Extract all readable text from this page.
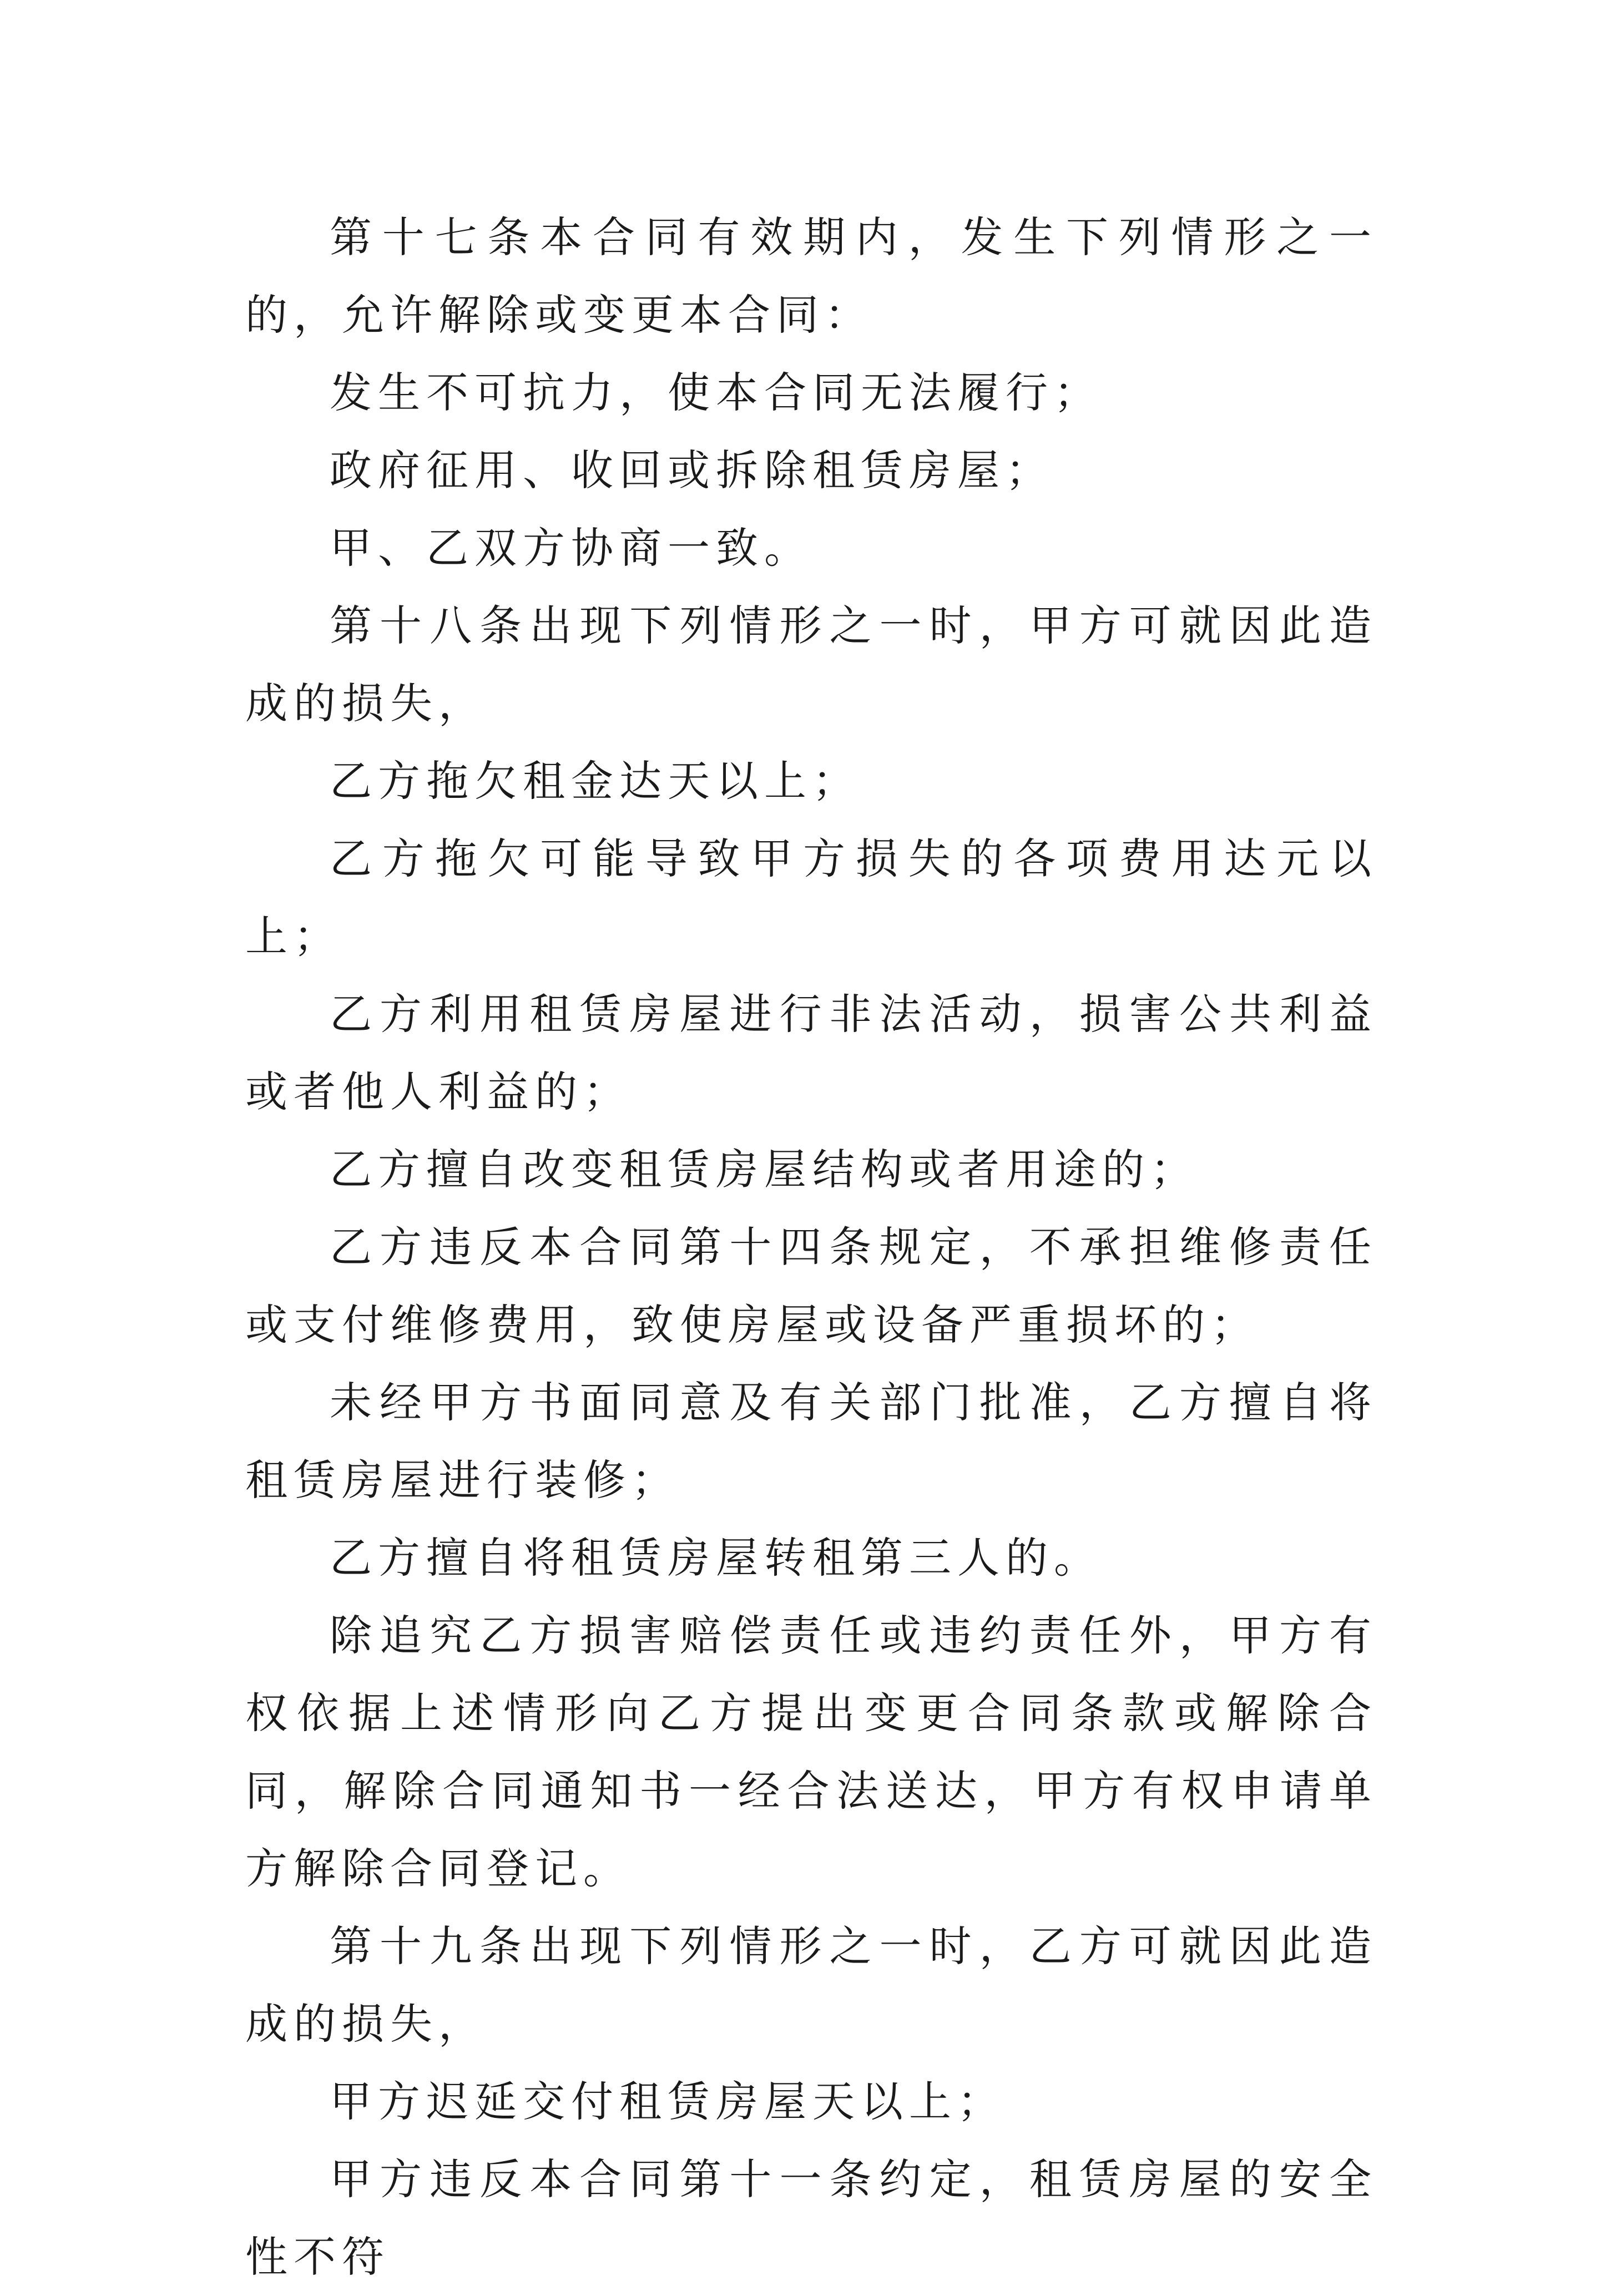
第十七条本合同有效期内，发生下列情形之一的，允许解除或变更本合同：

发生不可抗力，使本合同无法履行；

政府征用、收回或拆除租赁房屋；

甲、乙双方协商一致。

第十八条出现下列情形之一时，甲方可就因此造成的损失，

乙方拖欠租金达天以上；

乙方拖欠可能导致甲方损失的各项费用达元以上；

乙方利用租赁房屋进行非法活动，损害公共利益或者他人利益的；

乙方擅自改变租赁房屋结构或者用途的；

乙方违反本合同第十四条规定，不承担维修责任或支付维修费用，致使房屋或设备严重损坏的；

未经甲方书面同意及有关部门批准，乙方擅自将租赁房屋进行装修；

乙方擅自将租赁房屋转租第三人的。

除追究乙方损害赔偿责任或违约责任外，甲方有权依据上述情形向乙方提出变更合同条款或解除合同，解除合同通知书一经合法送达，甲方有权申请单方解除合同登记。

第十九条出现下列情形之一时，乙方可就因此造成的损失，

甲方迟延交付租赁房屋天以上；

甲方违反本合同第十一条约定，租赁房屋的安全性不符
